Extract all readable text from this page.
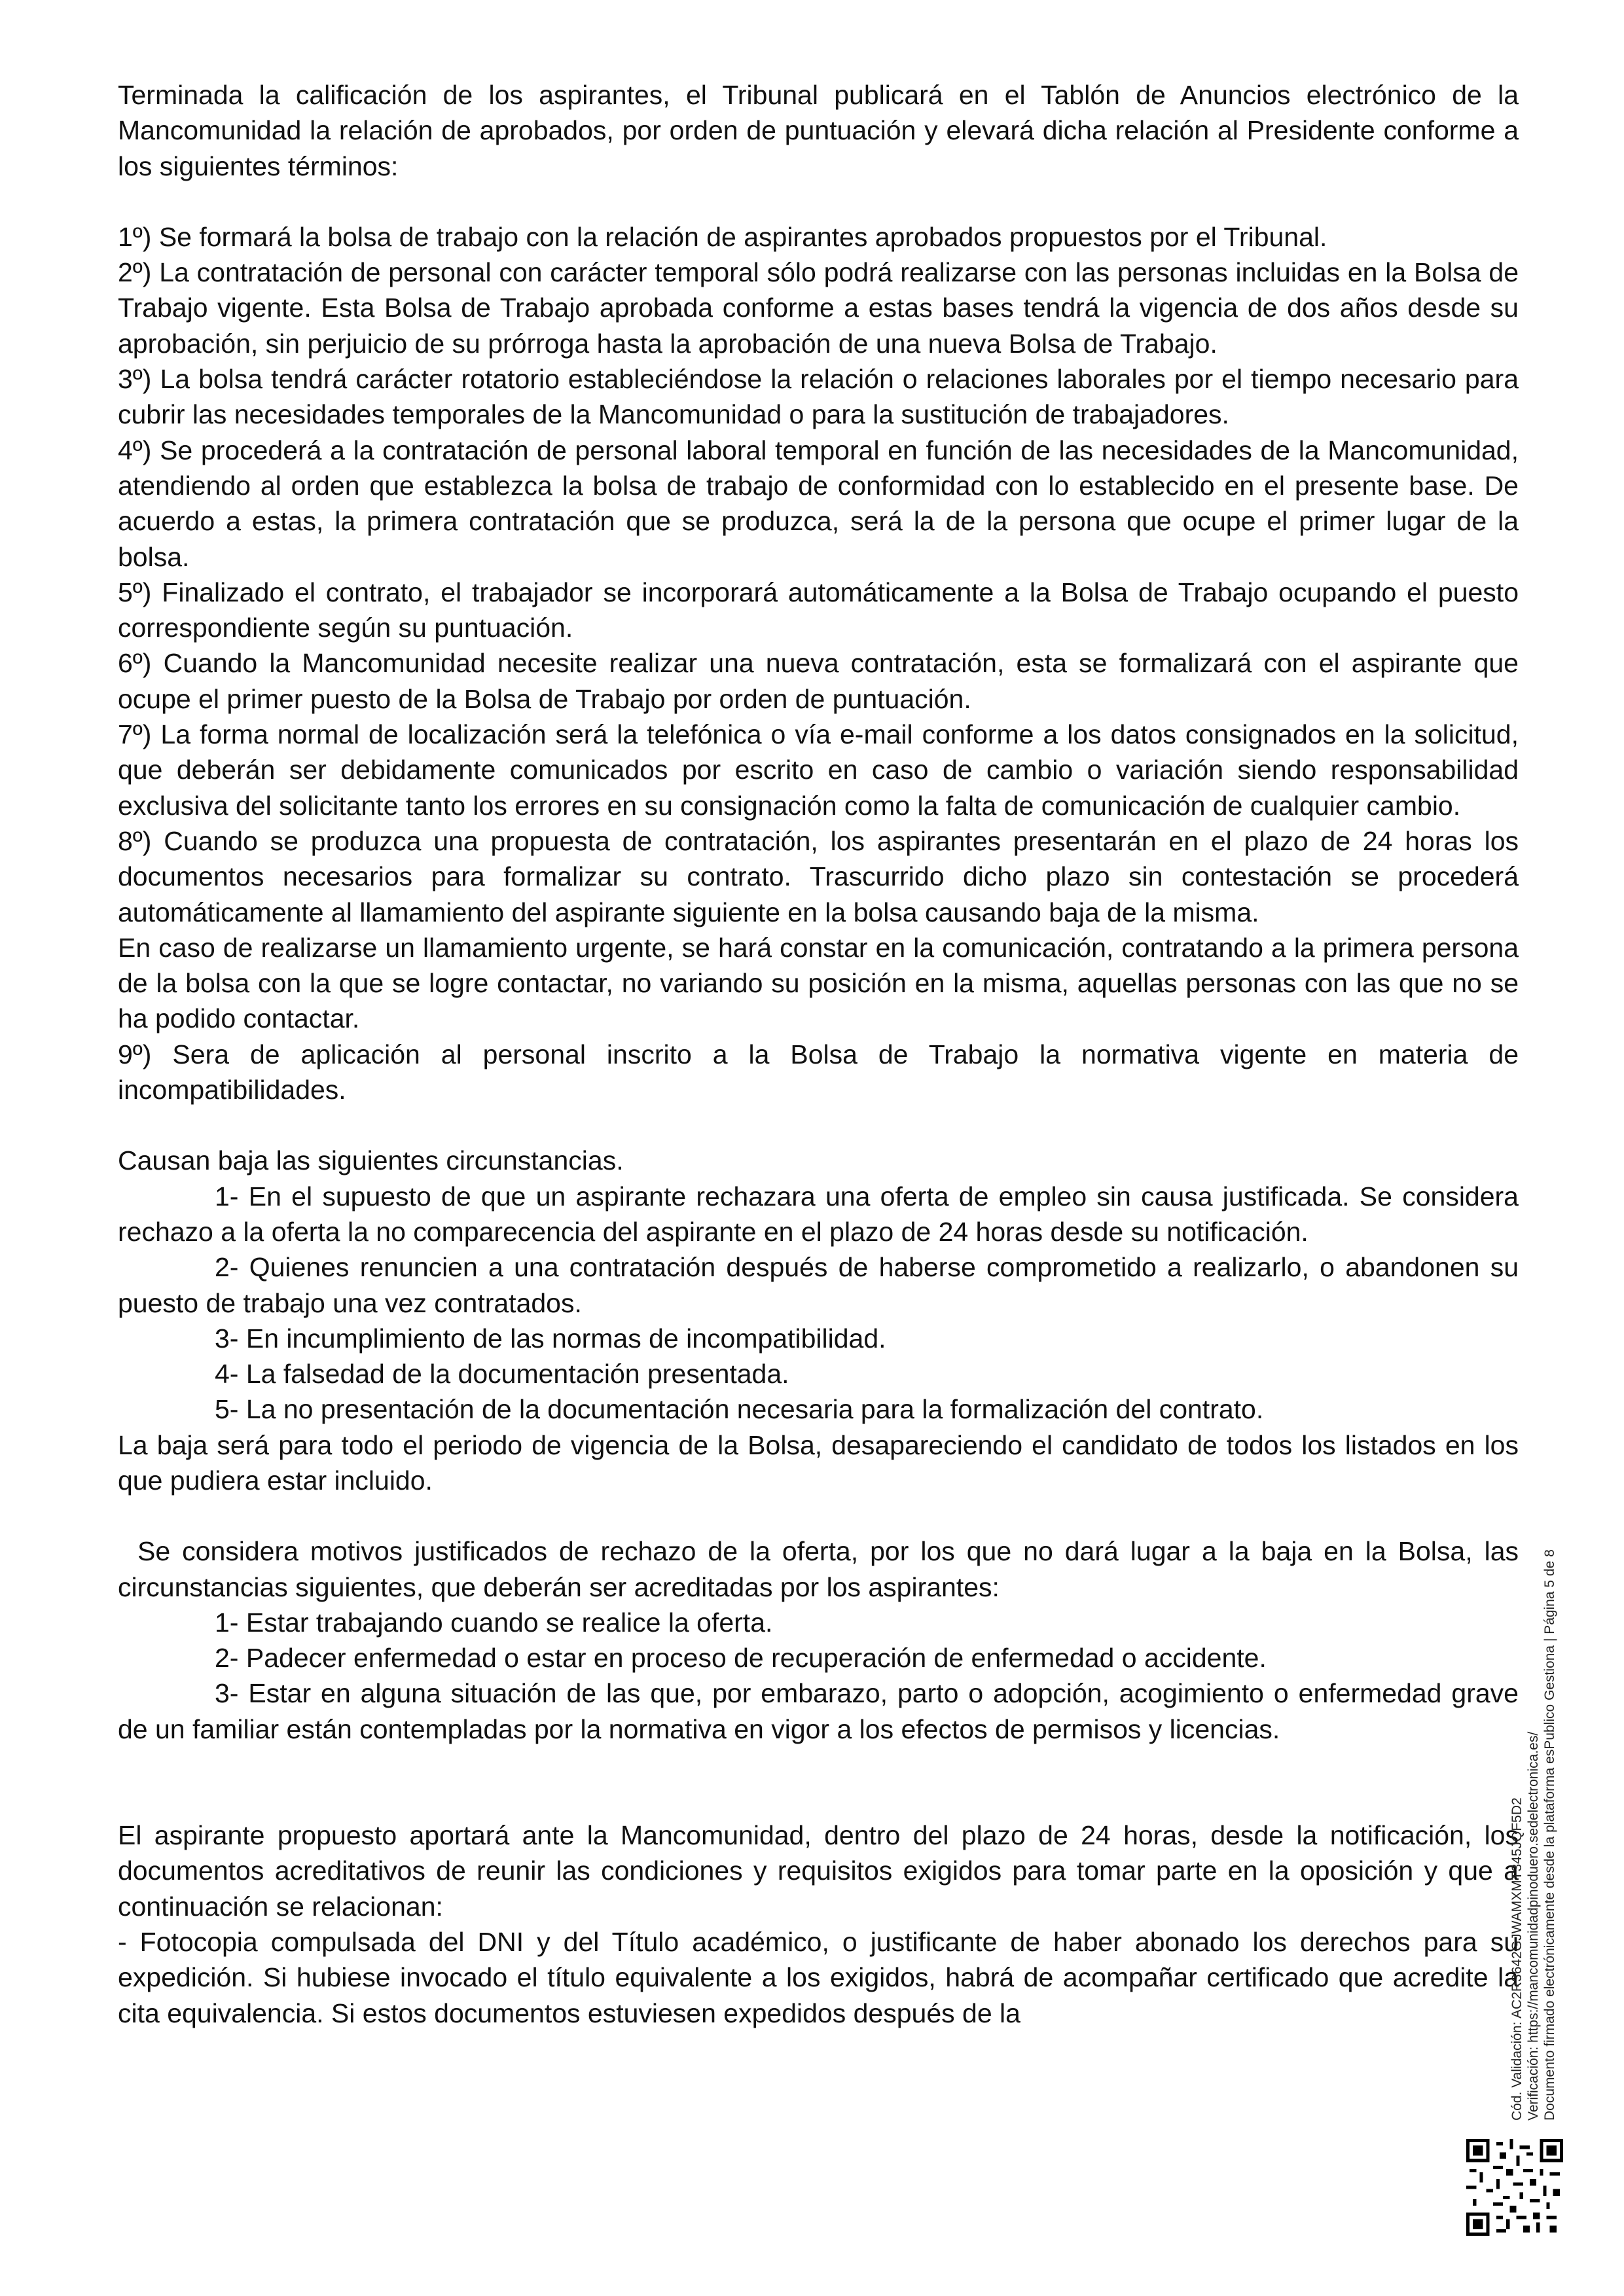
Terminada la calificación de los aspirantes, el Tribunal publicará en el Tablón de Anuncios electrónico de la Mancomunidad la relación de aprobados, por orden de puntuación y elevará dicha relación al Presidente conforme a los siguientes términos:

1º) Se formará la bolsa de trabajo con la relación de aspirantes aprobados propuestos por el Tribunal.

2º) La contratación de personal con carácter temporal sólo podrá realizarse con las personas incluidas en la Bolsa de Trabajo vigente. Esta Bolsa de Trabajo aprobada conforme a estas bases tendrá la vigencia de dos años desde su aprobación, sin perjuicio de su prórroga hasta la aprobación de una nueva Bolsa de Trabajo.

3º) La bolsa tendrá carácter rotatorio estableciéndose la relación o relaciones laborales por el tiempo necesario para cubrir las necesidades temporales de la Mancomunidad o para la sustitución de trabajadores.

4º) Se procederá a la contratación de personal laboral temporal en función de las necesidades de la Mancomunidad, atendiendo al orden que establezca la bolsa de trabajo de conformidad con lo establecido en el presente base. De acuerdo a estas, la primera contratación que se produzca, será la de la persona que ocupe el primer lugar de la bolsa.

5º) Finalizado el contrato, el trabajador se incorporará automáticamente a la Bolsa de Trabajo ocupando el puesto correspondiente según su puntuación.

6º) Cuando la Mancomunidad necesite realizar una nueva contratación, esta se formalizará con el aspirante que ocupe el primer puesto de la Bolsa de Trabajo por orden de puntuación.

7º) La forma normal de localización será la telefónica o vía e-mail conforme a los datos consignados en la solicitud, que deberán ser debidamente comunicados por escrito en caso de cambio o variación siendo responsabilidad exclusiva del solicitante tanto los errores en su consignación como la falta de comunicación de cualquier cambio.

8º) Cuando se produzca una propuesta de contratación, los aspirantes presentarán en el plazo de 24 horas los documentos necesarios para formalizar su contrato. Trascurrido dicho plazo sin contestación se procederá automáticamente al llamamiento del aspirante siguiente en la bolsa causando baja de la misma.

En caso de realizarse un llamamiento urgente, se hará constar en la comunicación, contratando a la primera persona de la bolsa con la que se logre contactar, no variando su posición en la misma, aquellas personas con las que no se ha podido contactar.

9º) Sera de aplicación al personal inscrito a la Bolsa de Trabajo la normativa vigente en materia de incompatibilidades.

Causan baja las siguientes circunstancias.

1- En el supuesto de que un aspirante rechazara una oferta de empleo sin causa justificada. Se considera rechazo a la oferta la no comparecencia del aspirante en el plazo de 24 horas desde su notificación.

2- Quienes renuncien a una contratación después de haberse comprometido a realizarlo, o abandonen su puesto de trabajo una vez contratados.

3- En incumplimiento de las normas de incompatibilidad.

4- La falsedad de la documentación presentada.

5- La no presentación de la documentación necesaria para la formalización del contrato.

La baja será para todo el periodo de vigencia de la Bolsa, desapareciendo el candidato de todos los listados en los que pudiera estar incluido.

Se considera motivos justificados de rechazo de la oferta, por los que no dará lugar a la baja en la Bolsa, las circunstancias siguientes, que deberán ser acreditadas por los aspirantes:

1- Estar trabajando cuando se realice la oferta.

2- Padecer enfermedad o estar en proceso de recuperación de enfermedad o accidente.

3- Estar en alguna situación de las que, por embarazo, parto o adopción, acogimiento o enfermedad grave de un familiar están contempladas por la normativa en vigor a los efectos de permisos y licencias.

El aspirante propuesto aportará ante la Mancomunidad, dentro del plazo de 24 horas, desde la notificación, los documentos acreditativos de reunir las condiciones y requisitos exigidos para tomar parte en la oposición y que a continuación se relacionan:

- Fotocopia compulsada del DNI y del Título académico, o justificante de haber abonado los derechos para su expedición. Si hubiese invocado el título equivalente a los exigidos, habrá de acompañar certificado que acredite la cita equivalencia. Si estos documentos estuviesen expedidos después de la	Cód. Validación: AC2R3642GJWAMXMT345JQF5D2 Verificación: https://mancomunidadpinoduero.sedelectronica.es/ Documento firmado electrónicamente desde la plataforma esPublico Gestiona | Página 5 de 8
